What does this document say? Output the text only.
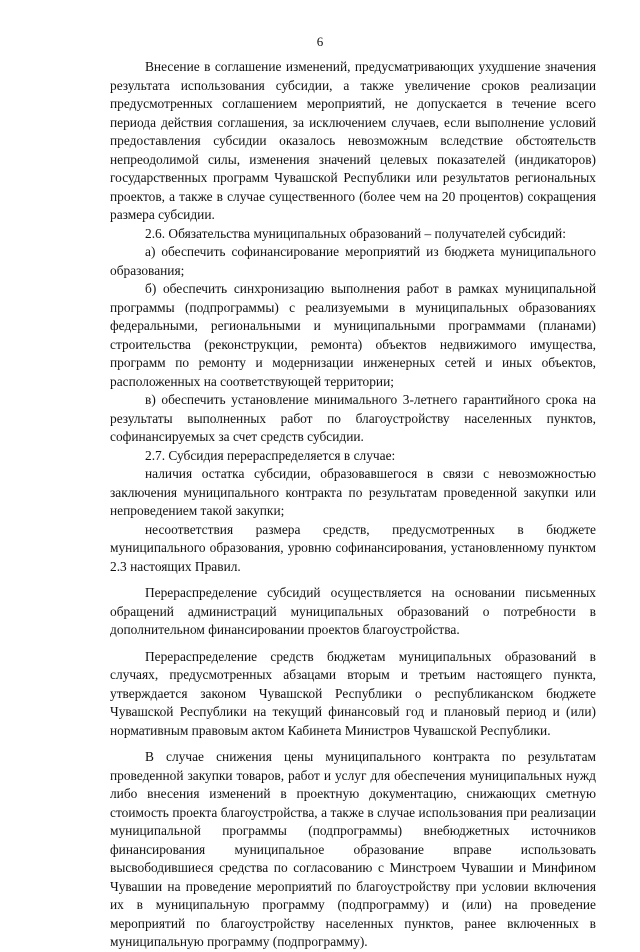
6

Внесение в соглашение изменений, предусматривающих ухудшение значения результата использования субсидии, а также увеличение сроков реализации предусмотренных соглашением мероприятий, не допускается в течение всего периода действия соглашения, за исключением случаев, если выполнение условий предоставления субсидии оказалось невозможным вследствие обстоятельств непреодолимой силы, изменения значений целевых показателей (индикаторов) государственных программ Чувашской Республики или результатов региональных проектов, а также в случае существенного (более чем на 20 процентов) сокращения размера субсидии.

2.6. Обязательства муниципальных образований – получателей субсидий:

а) обеспечить софинансирование мероприятий из бюджета муниципального образования;

б) обеспечить синхронизацию выполнения работ в рамках муниципальной программы (подпрограммы) с реализуемыми в муниципальных образованиях федеральными, региональными и муниципальными программами (планами) строительства (реконструкции, ремонта) объектов недвижимого имущества, программ по ремонту и модернизации инженерных сетей и иных объектов, расположенных на соответствующей территории;

в) обеспечить установление минимального 3-летнего гарантийного срока на результаты выполненных работ по благоустройству населенных пунктов, софинансируемых за счет средств субсидии.

2.7. Субсидия перераспределяется в случае:

наличия остатка субсидии, образовавшегося в связи с невозможностью заключения муниципального контракта по результатам проведенной закупки или непроведением такой закупки;

несоответствия размера средств, предусмотренных в бюджете муниципального образования, уровню софинансирования, установленному пунктом 2.3 настоящих Правил.

Перераспределение субсидий осуществляется на основании письменных обращений администраций муниципальных образований о потребности в дополнительном финансировании проектов благоустройства.

Перераспределение средств бюджетам муниципальных образований в случаях, предусмотренных абзацами вторым и третьим настоящего пункта, утверждается законом Чувашской Республики о республиканском бюджете Чувашской Республики на текущий финансовый год и плановый период и (или) нормативным правовым актом Кабинета Министров Чувашской Республики.

В случае снижения цены муниципального контракта по результатам проведенной закупки товаров, работ и услуг для обеспечения муниципальных нужд либо внесения изменений в проектную документацию, снижающих сметную стоимость проекта благоустройства, а также в случае использования при реализации муниципальной программы (подпрограммы) внебюджетных источников финансирования муниципальное образование вправе использовать высвободившиеся средства по согласованию с Минстроем Чувашии и Минфином Чувашии на проведение мероприятий по благоустройству при условии включения их в муниципальную программу (подпрограмму) и (или) на проведение мероприятий по благоустройству населенных пунктов, ранее включенных в муниципальную программу (подпрограмму).
